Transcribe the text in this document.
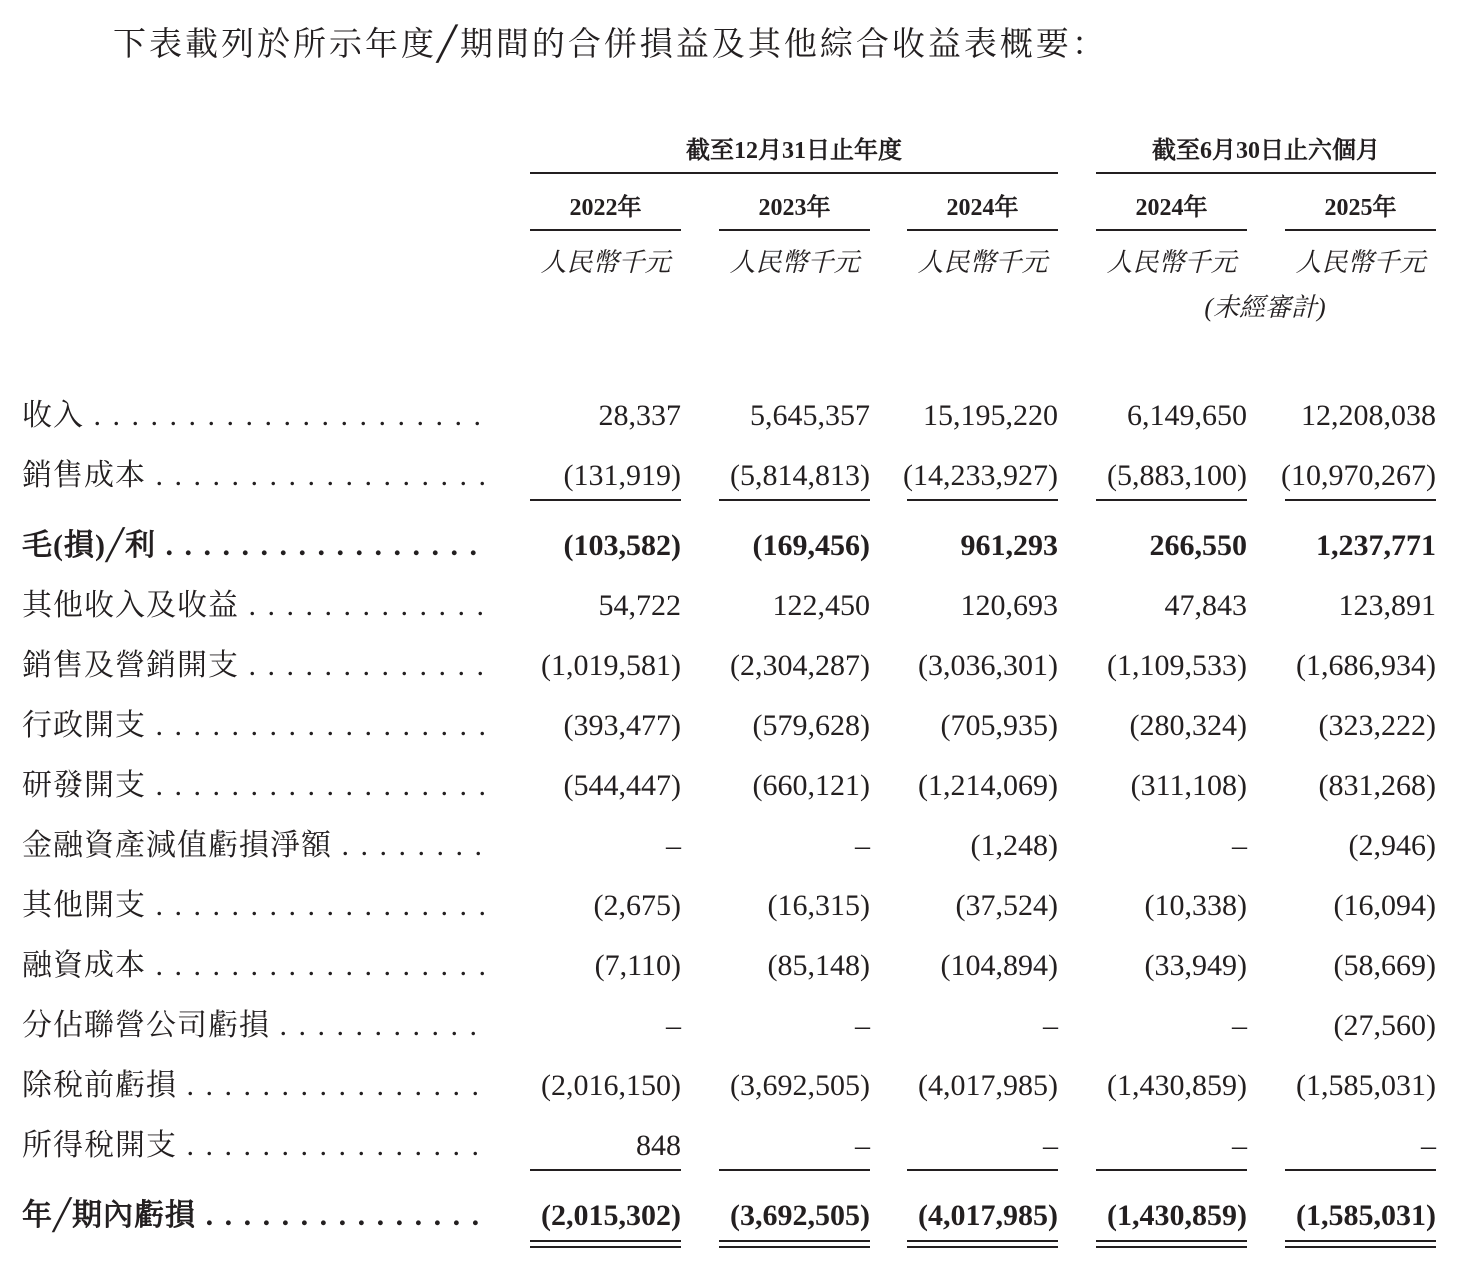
下表載列於所示年度╱期間的合併損益及其他綜合收益表概要：
截至12月31日止年度	截至6月30日止六個月
2022年	2023年	2024年	2024年	2025年
人民幣千元	人民幣千元	人民幣千元	人民幣千元	人民幣千元
(未經審計)
收入 . . .	28,337	5,645,357	15,195,220	6,149,650	12,208,038
銷售成本 . . .	(131,919)	(5,814,813)	(14,233,927)	(5,883,100)	(10,970,267)
毛(損)╱利 . . .	(103,582)	(169,456)	961,293	266,550	1,237,771
其他收入及收益 . . .	54,722	122,450	120,693	47,843	123,891
銷售及營銷開支 . . .	(1,019,581)	(2,304,287)	(3,036,301)	(1,109,533)	(1,686,934)
行政開支 . . .	(393,477)	(579,628)	(705,935)	(280,324)	(323,222)
研發開支 . . .	(544,447)	(660,121)	(1,214,069)	(311,108)	(831,268)
金融資產減值虧損淨額 . . .	–	–	(1,248)	–	(2,946)
其他開支 . . .	(2,675)	(16,315)	(37,524)	(10,338)	(16,094)
融資成本 . . .	(7,110)	(85,148)	(104,894)	(33,949)	(58,669)
分佔聯營公司虧損 . . .	–	–	–	–	(27,560)
除稅前虧損 . . .	(2,016,150)	(3,692,505)	(4,017,985)	(1,430,859)	(1,585,031)
所得稅開支 . . .	848	–	–	–	–
年╱期內虧損 . . .	(2,015,302)	(3,692,505)	(4,017,985)	(1,430,859)	(1,585,031)
